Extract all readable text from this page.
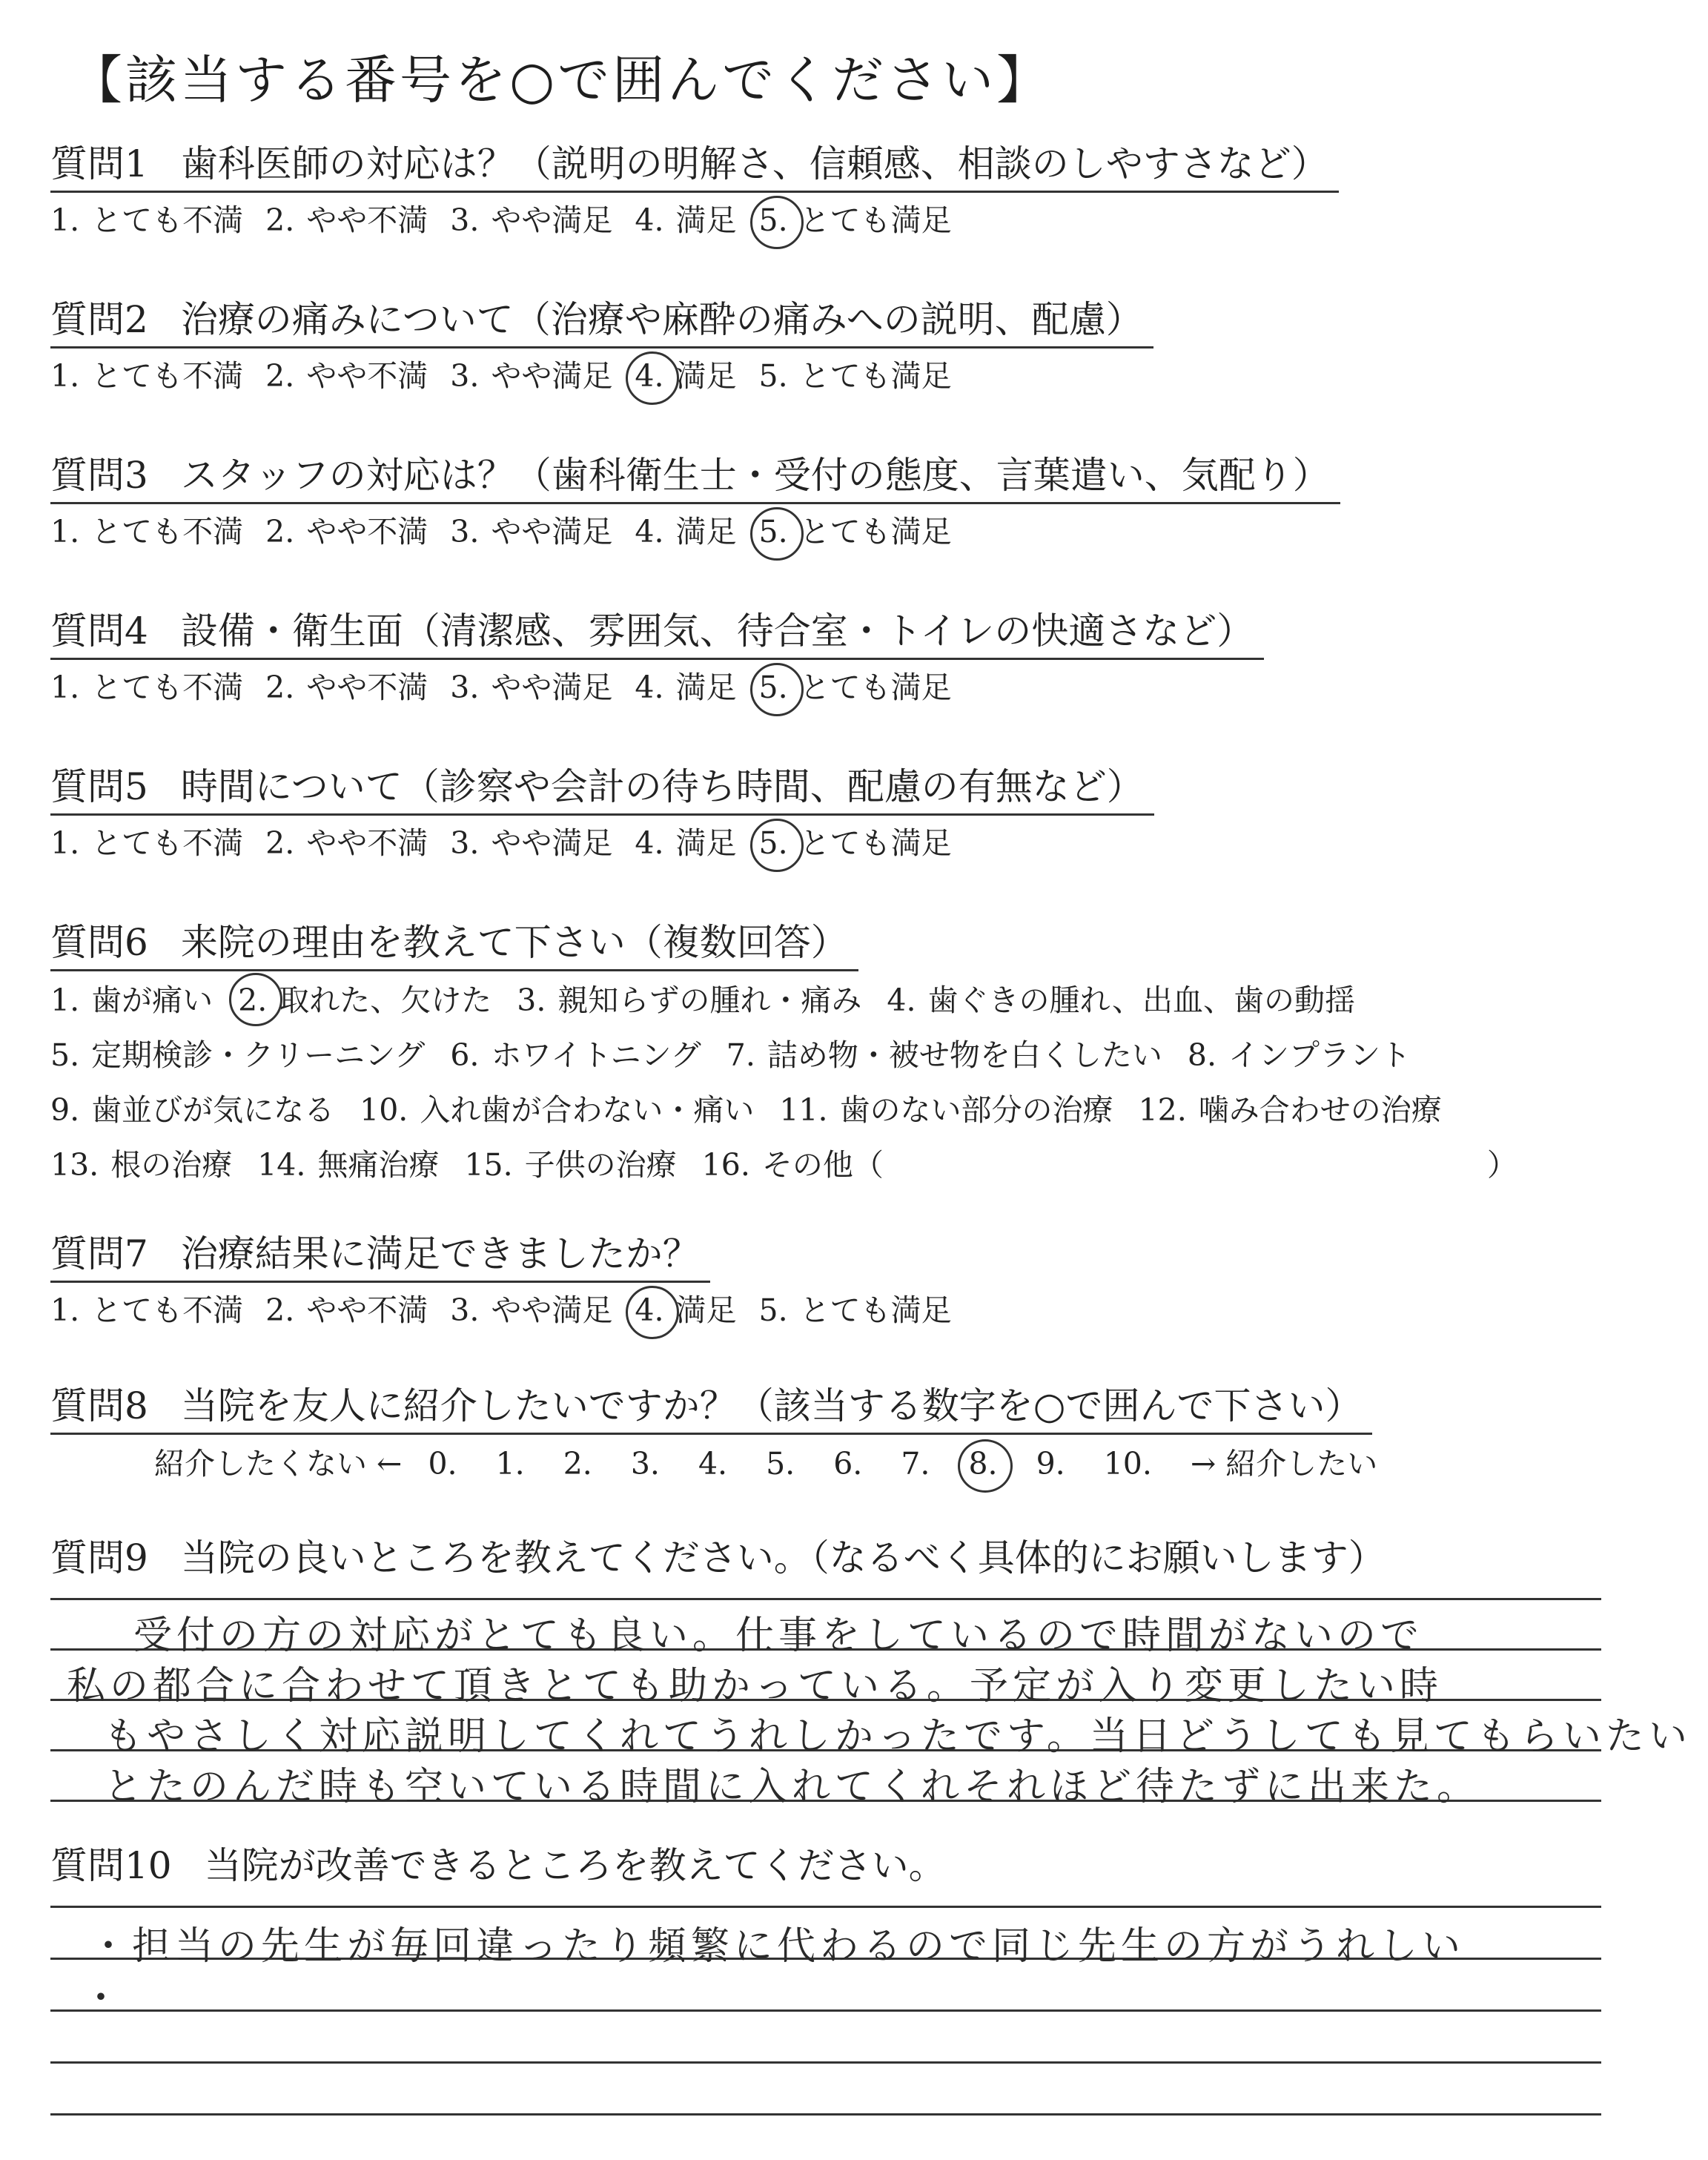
【該当する番号を○で囲んでください】
質問1 歯科医師の対応は？（説明の明解さ、信頼感、相談のしやすさなど）
1. とても不満 2. やや不満 3. やや満足 4. 満足 5. とても満足
質問2 治療の痛みについて（治療や麻酔の痛みへの説明、配慮）
1. とても不満 2. やや不満 3. やや満足 4. 満足 5. とても満足
質問3 スタッフの対応は？（歯科衛生士・受付の態度、言葉遣い、気配り）
1. とても不満 2. やや不満 3. やや満足 4. 満足 5. とても満足
質問4 設備・衛生面（清潔感、雰囲気、待合室・トイレの快適さなど）
1. とても不満 2. やや不満 3. やや満足 4. 満足 5. とても満足
質問5 時間について（診察や会計の待ち時間、配慮の有無など）
1. とても不満 2. やや不満 3. やや満足 4. 満足 5. とても満足
質問6 来院の理由を教えて下さい（複数回答）
1. 歯が痛い 2. 取れた、欠けた 3. 親知らずの腫れ・痛み 4. 歯ぐきの腫れ、出血、歯の動揺
5. 定期検診・クリーニング 6. ホワイトニング 7. 詰め物・被せ物を白くしたい 8. インプラント
9. 歯並びが気になる 10. 入れ歯が合わない・痛い 11. 歯のない部分の治療 12. 噛み合わせの治療
13. 根の治療 14. 無痛治療 15. 子供の治療 16. その他（	）
質問7 治療結果に満足できましたか？
1. とても不満 2. やや不満 3. やや満足 4. 満足 5. とても満足
質問8 当院を友人に紹介したいですか？（該当する数字を○で囲んで下さい）
紹介したくない ← 0. 1. 2. 3. 4. 5. 6. 7. 8. 9. 10. → 紹介したい
質問9 当院の良いところを教えてください。（なるべく具体的にお願いします）
受付の方の対応がとても良い。仕事をしているので時間がないので
私の都合に合わせて頂きとても助かっている。予定が入り変更したい時
もやさしく対応説明してくれてうれしかったです。当日どうしても見てもらいたい
とたのんだ時も空いている時間に入れてくれそれほど待たずに出来た。
質問10 当院が改善できるところを教えてください。
・担当の先生が毎回違ったり頻繁に代わるので同じ先生の方がうれしい
・
